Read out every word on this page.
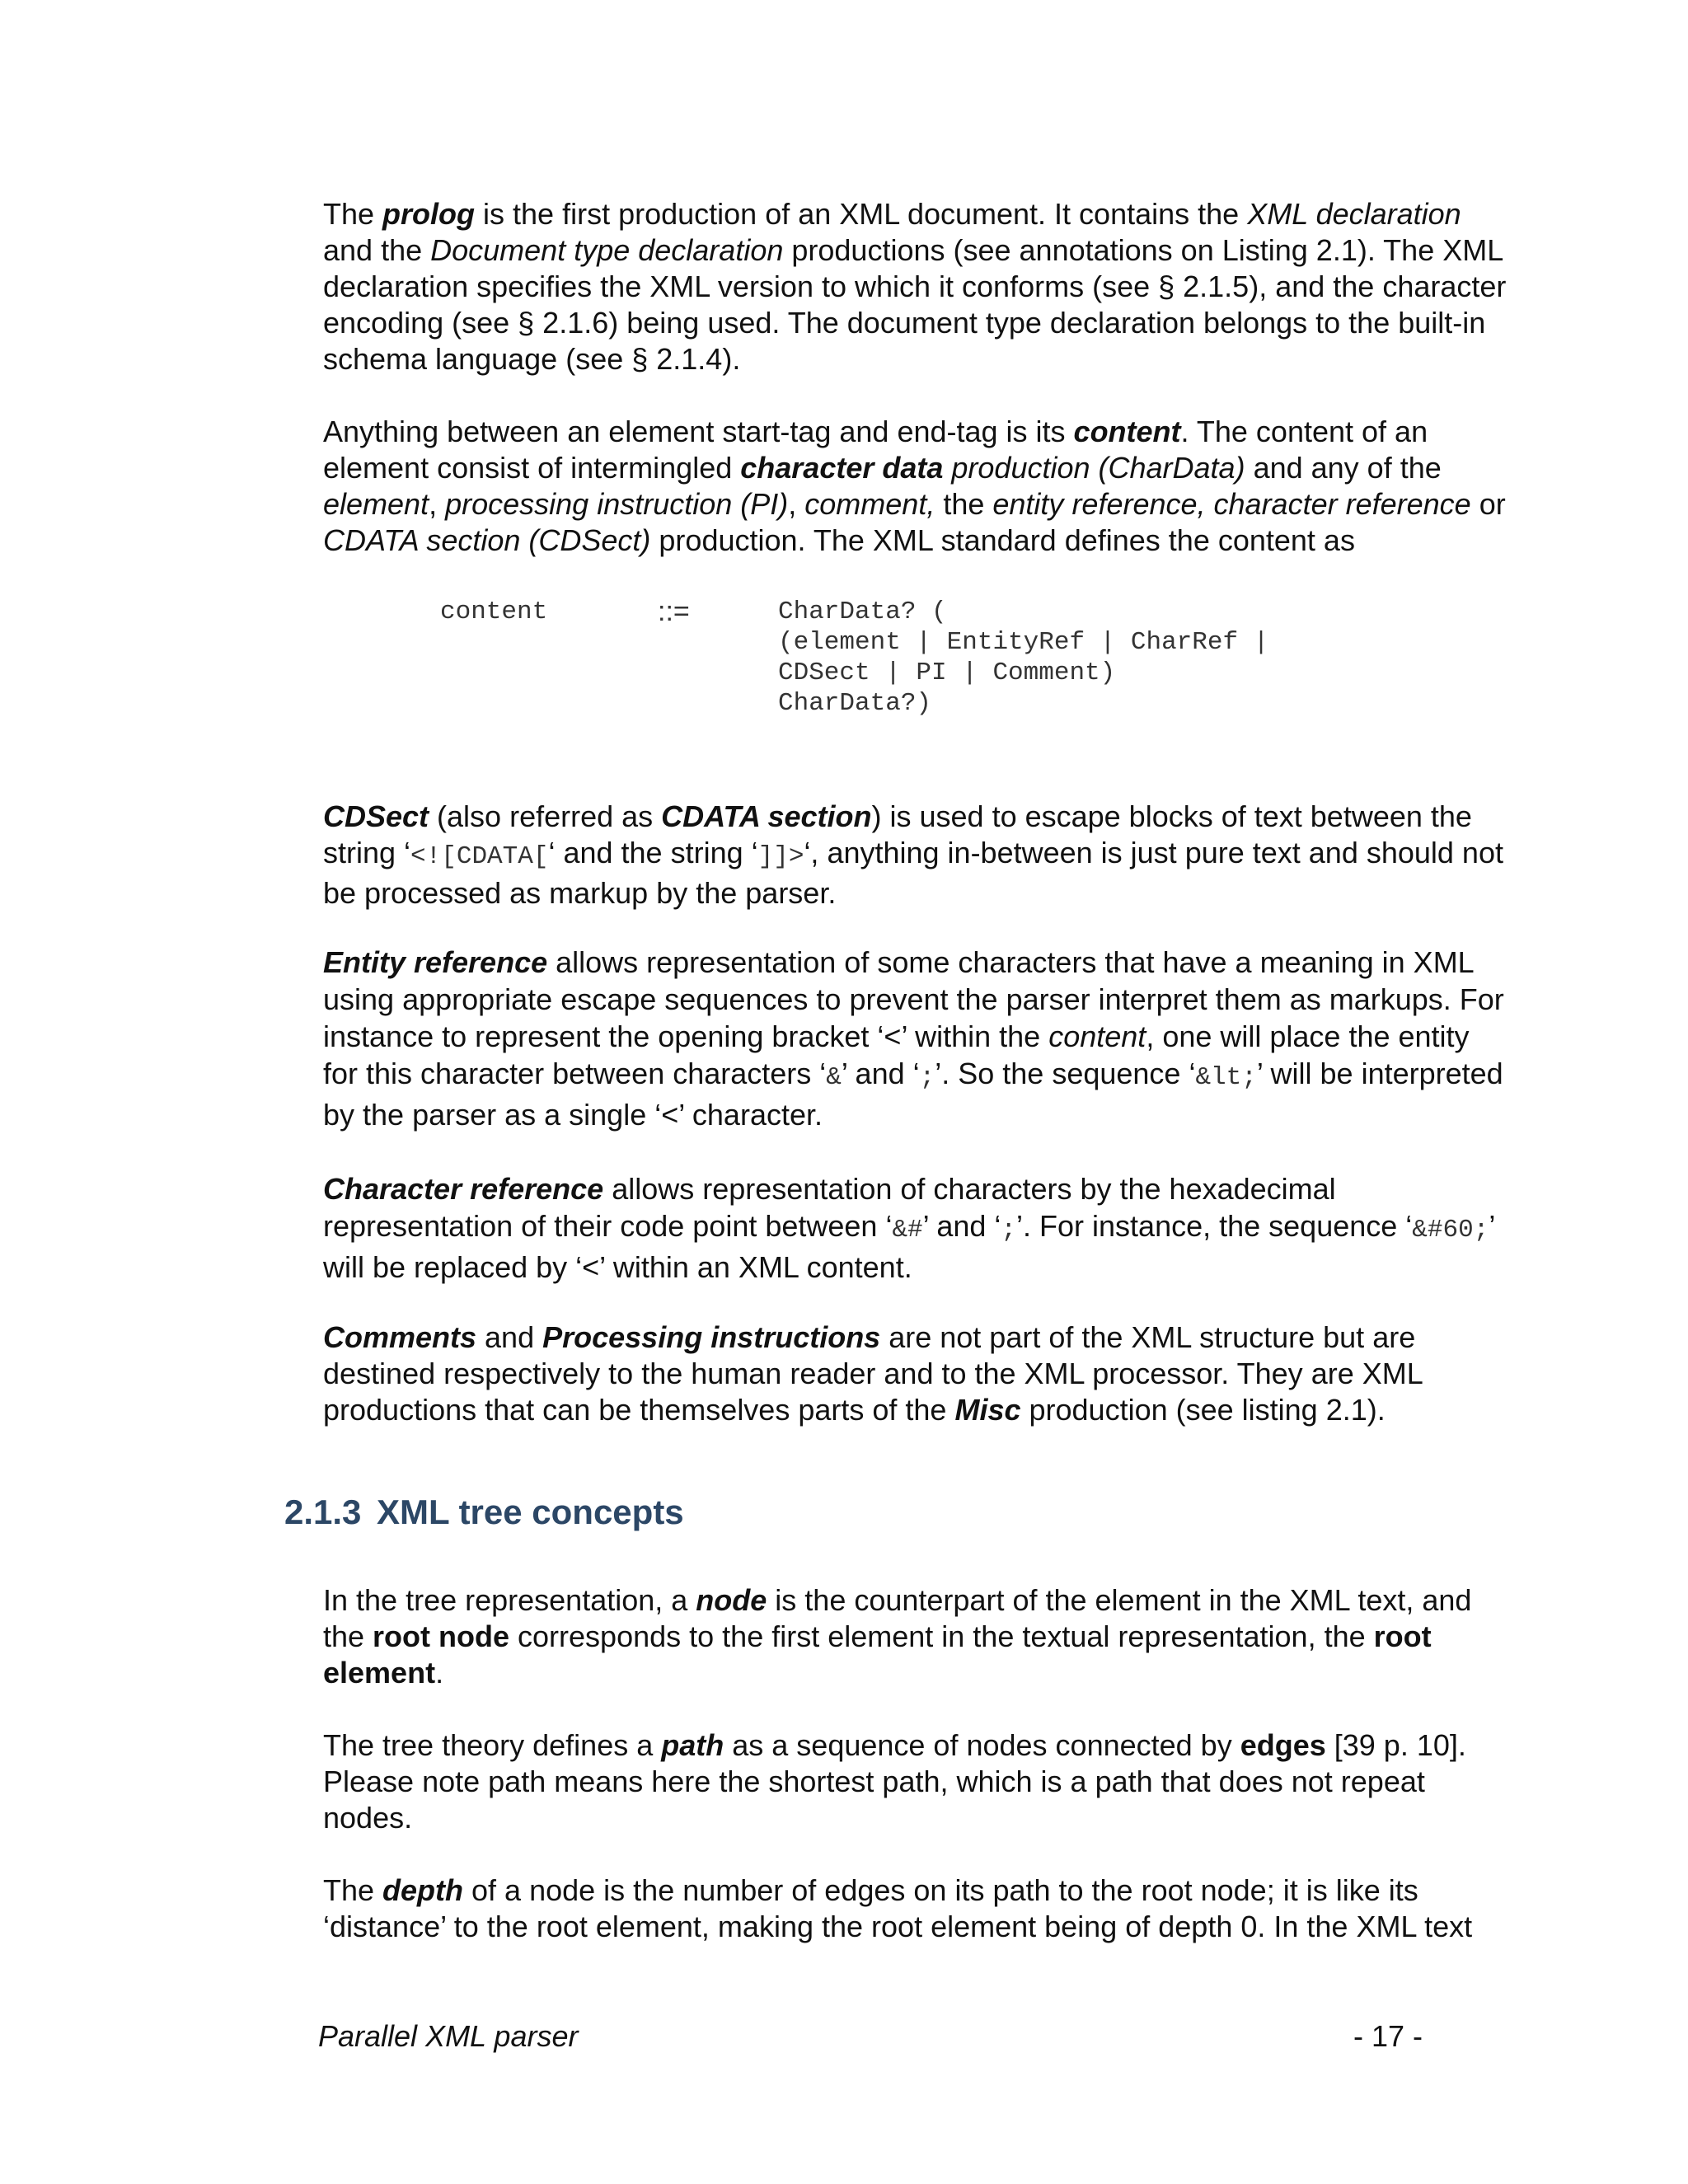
The prolog is the first production of an XML document. It contains the XML declaration and the Document type declaration productions (see annotations on Listing 2.1). The XML declaration specifies the XML version to which it conforms (see § 2.1.5), and the character encoding (see § 2.1.6) being used. The document type declaration belongs to the built-in schema language (see § 2.1.4).

Anything between an element start-tag and end-tag is its content. The content of an element consist of intermingled character data production (CharData) and any of the element, processing instruction (PI), comment, the entity reference, character reference or CDATA section (CDSect) production. The XML standard defines the content as

content	::=	CharData? (
(element | EntityRef | CharRef |
CDSect | PI | Comment)
CharData?)

CDSect (also referred as CDATA section) is used to escape blocks of text between the string ‘<![CDATA[‘ and the string ‘]]>‘, anything in-between is just pure text and should not be processed as markup by the parser.

Entity reference allows representation of some characters that have a meaning in XML using appropriate escape sequences to prevent the parser interpret them as markups. For instance to represent the opening bracket ‘<’ within the content, one will place the entity for this character between characters ‘&’ and ‘;’. So the sequence ‘&lt;’ will be interpreted by the parser as a single ‘<’ character.

Character reference allows representation of characters by the hexadecimal representation of their code point between ‘&#’ and ‘;’. For instance, the sequence ‘&#60;’ will be replaced by ‘<’ within an XML content.

Comments and Processing instructions are not part of the XML structure but are destined respectively to the human reader and to the XML processor. They are XML productions that can be themselves parts of the Misc production (see listing 2.1).

2.1.3 XML tree concepts

In the tree representation, a node is the counterpart of the element in the XML text, and the root node corresponds to the first element in the textual representation, the root element.

The tree theory defines a path as a sequence of nodes connected by edges [39 p. 10]. Please note path means here the shortest path, which is a path that does not repeat nodes.

The depth of a node is the number of edges on its path to the root node; it is like its ‘distance’ to the root element, making the root element being of depth 0. In the XML text

Parallel XML parser	- 17 -
